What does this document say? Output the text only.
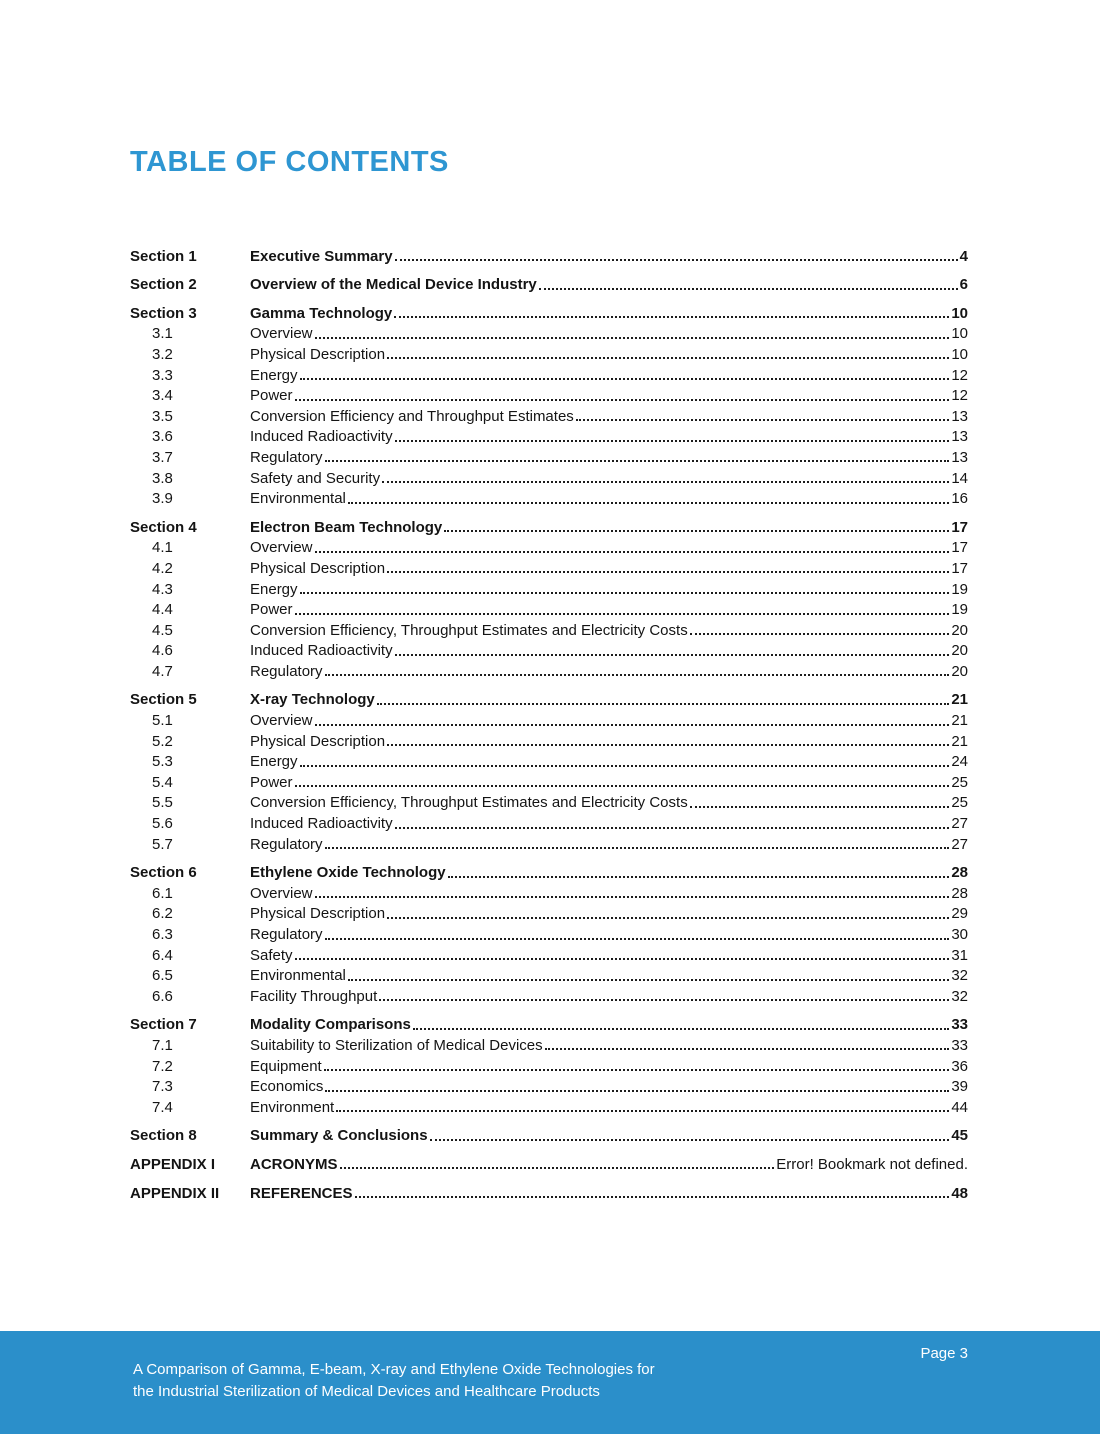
TABLE OF CONTENTS
Section 1	Executive Summary	4
Section 2	Overview of the Medical Device Industry	6
Section 3	Gamma Technology	10
3.1	Overview	10
3.2	Physical Description	10
3.3	Energy	12
3.4	Power	12
3.5	Conversion Efficiency and Throughput Estimates	13
3.6	Induced Radioactivity	13
3.7	Regulatory	13
3.8	Safety and Security	14
3.9	Environmental	16
Section 4	Electron Beam Technology	17
4.1	Overview	17
4.2	Physical Description	17
4.3	Energy	19
4.4	Power	19
4.5	Conversion Efficiency, Throughput Estimates and Electricity Costs	20
4.6	Induced Radioactivity	20
4.7	Regulatory	20
Section 5	X-ray Technology	21
5.1	Overview	21
5.2	Physical Description	21
5.3	Energy	24
5.4	Power	25
5.5	Conversion Efficiency, Throughput Estimates and Electricity Costs	25
5.6	Induced Radioactivity	27
5.7	Regulatory	27
Section 6	Ethylene Oxide Technology	28
6.1	Overview	28
6.2	Physical Description	29
6.3	Regulatory	30
6.4	Safety	31
6.5	Environmental	32
6.6	Facility Throughput	32
Section 7	Modality Comparisons	33
7.1	Suitability to Sterilization of Medical Devices	33
7.2	Equipment	36
7.3	Economics	39
7.4	Environment	44
Section 8	Summary & Conclusions	45
APPENDIX I	ACRONYMS	Error! Bookmark not defined.
APPENDIX II	REFERENCES	48
A Comparison of Gamma, E-beam, X-ray and Ethylene Oxide Technologies for
the Industrial Sterilization of Medical Devices and Healthcare Products
Page 3
